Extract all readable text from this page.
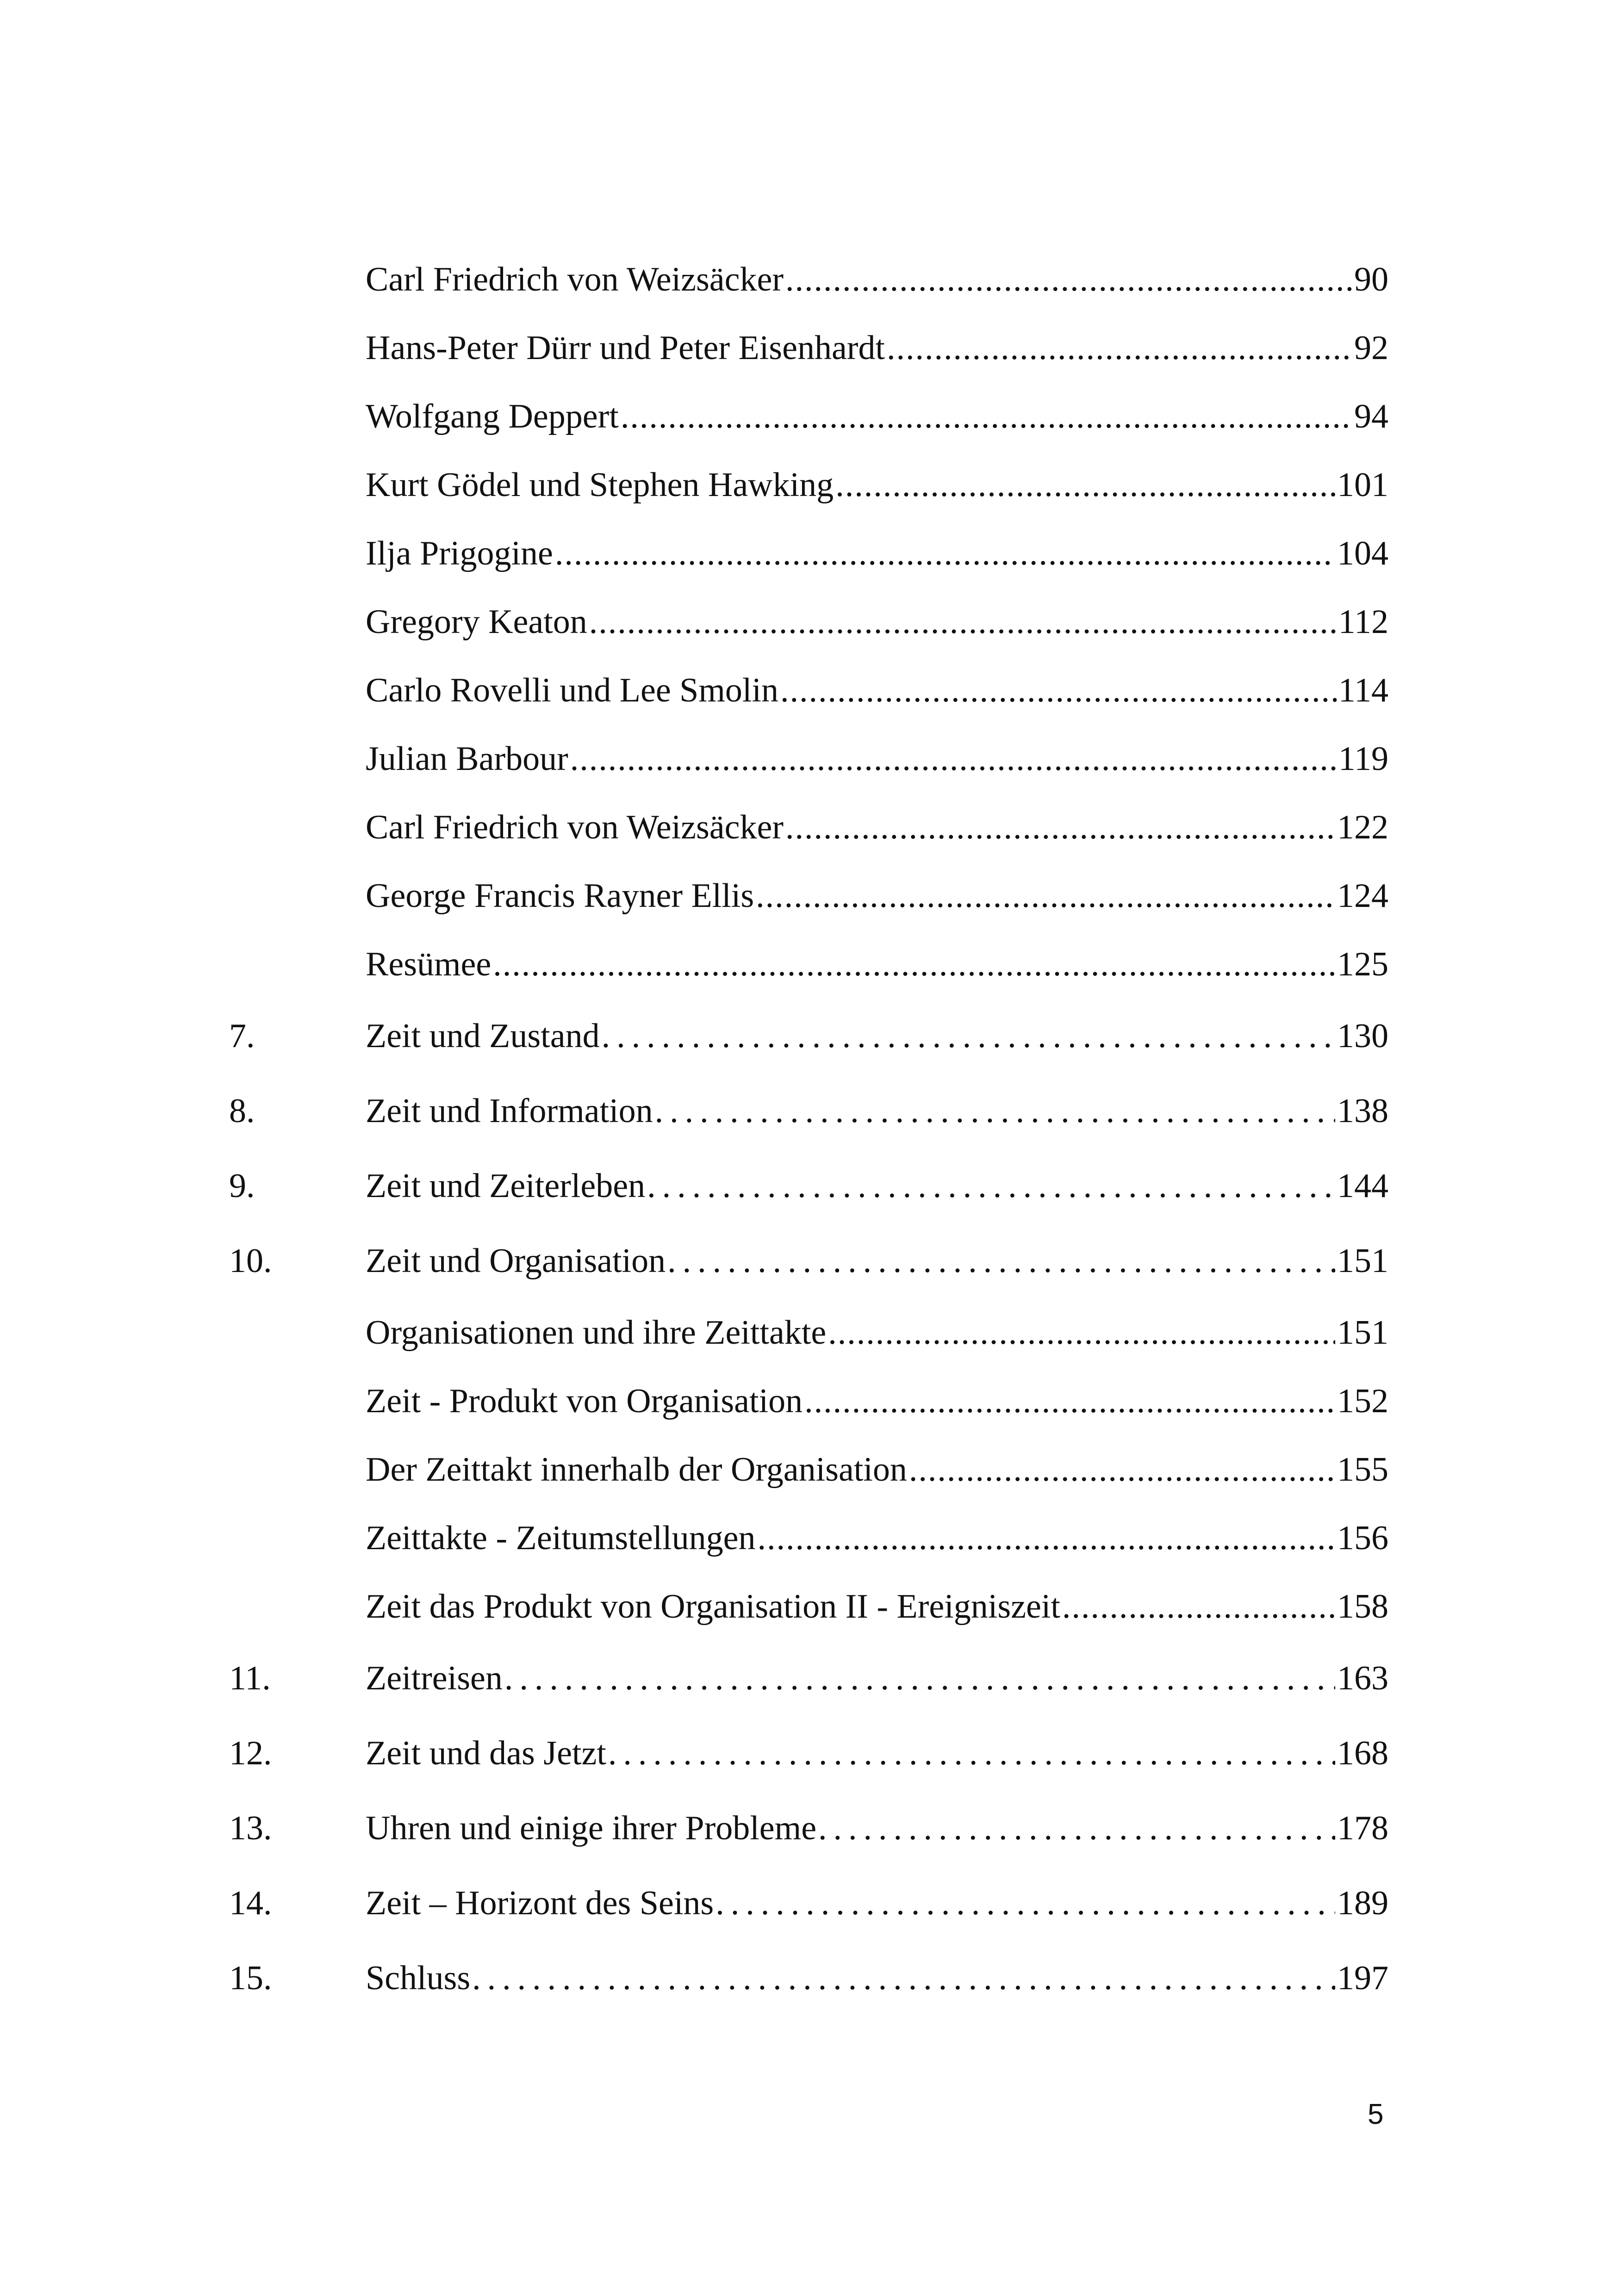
Carl Friedrich von Weizsäcker .....	90
Hans-Peter Dürr und Peter Eisenhardt .....	92
Wolfgang Deppert .....	94
Kurt Gödel und Stephen Hawking .....	101
Ilja Prigogine .....	104
Gregory Keaton .....	112
Carlo Rovelli und Lee Smolin .....	114
Julian Barbour .....	119
Carl Friedrich von Weizsäcker .....	122
George Francis Rayner Ellis .....	124
Resümee .....	125
7.	Zeit und Zustand .....	130
8.	Zeit und Information .....	138
9.	Zeit und Zeiterleben .....	144
10.	Zeit und Organisation .....	151
Organisationen und ihre Zeittakte .....	151
Zeit - Produkt von Organisation .....	152
Der Zeittakt innerhalb der Organisation .....	155
Zeittakte - Zeitumstellungen .....	156
Zeit das Produkt von Organisation II - Ereigniszeit .....	158
11.	Zeitreisen .....	163
12.	Zeit und das Jetzt .....	168
13.	Uhren und einige ihrer Probleme .....	178
14.	Zeit – Horizont des Seins .....	189
15.	Schluss .....	197
5
